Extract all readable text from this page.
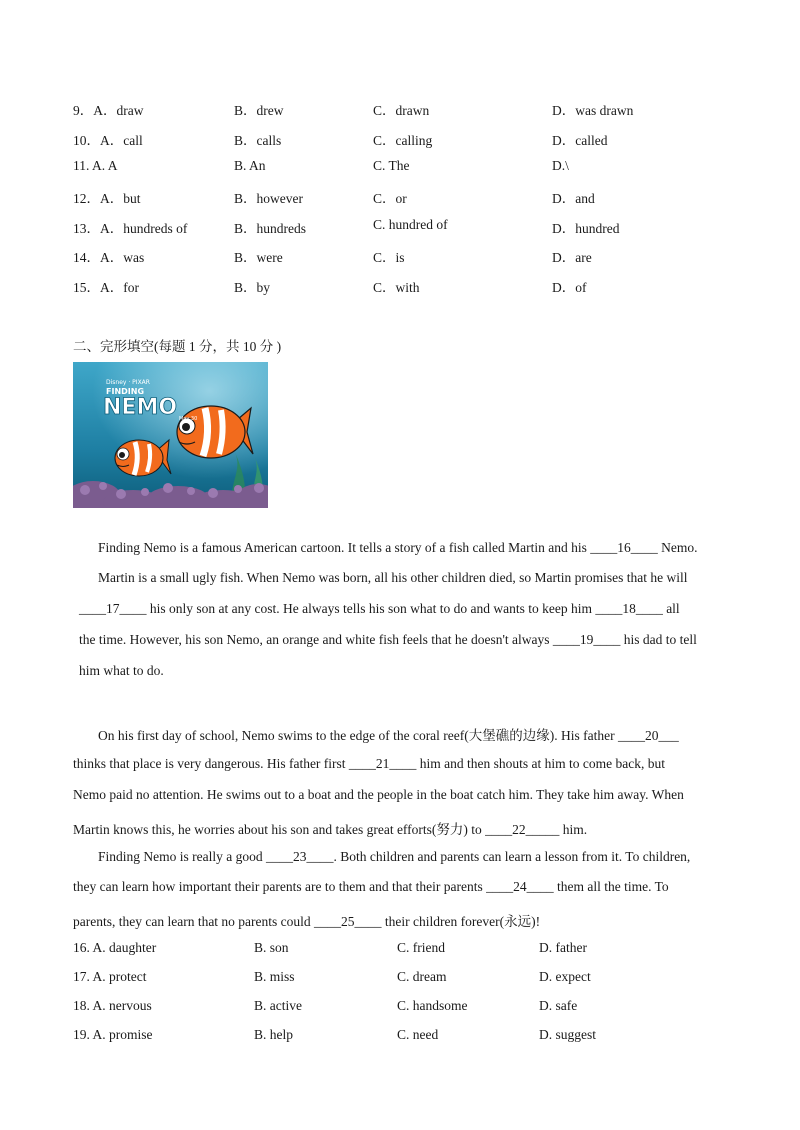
9．A．draw	B．drew	C．drawn	D．was drawn
10．A．call	B．calls	C．calling	D．called
11. A. A	B. An	C. The	D.\
12．A．but	B．however	C．or	D．and
13．A．hundreds of	B．hundreds	C. hundred of	D．hundred
14．A．was	B．were	C．is	D．are
15．A．for	B．by	C．with	D．of
二、完形填空(每题 1 分，共 10 分 )
Disney · PIXAR
FINDING
NEMO May 30
Finding Nemo is a famous American cartoon. It tells a story of a fish called Martin and his ____16____ Nemo.
Martin is a small ugly fish. When Nemo was born, all his other children died, so Martin promises that he will
____17____ his only son at any cost. He always tells his son what to do and wants to keep him ____18____ all
the time. However, his son Nemo, an orange and white fish feels that he doesn't always ____19____ his dad to tell
him what to do.
On his first day of school, Nemo swims to the edge of the coral reef(大堡礁的边缘). His father ____20___
thinks that place is very dangerous. His father first ____21____ him and then shouts at him to come back, but
Nemo paid no attention. He swims out to a boat and the people in the boat catch him. They take him away. When
Martin knows this, he worries about his son and takes great efforts(努力) to ____22_____ him.
Finding Nemo is really a good ____23____. Both children and parents can learn a lesson from it. To children,
they can learn how important their parents are to them and that their parents ____24____ them all the time. To
parents, they can learn that no parents could ____25____ their children forever(永远)!
16. A. daughter	B. son	C. friend	D. father
17. A. protect	B. miss	C. dream	D. expect
18. A. nervous	B. active	C. handsome	D. safe
19. A. promise	B. help	C. need	D. suggest
